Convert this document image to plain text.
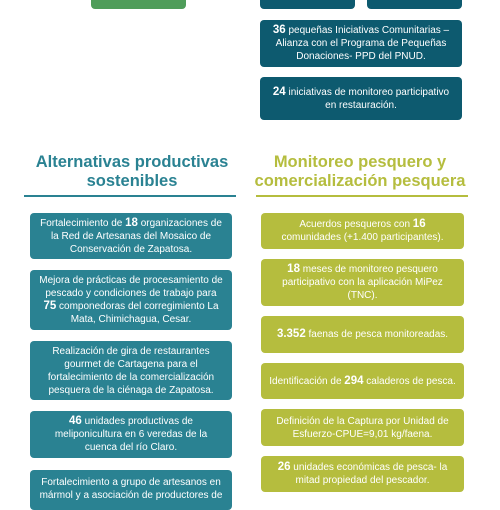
36 pequeñas Iniciativas Comunitarias – Alianza con el Programa de Pequeñas Donaciones- PPD del PNUD.

24 iniciativas de monitoreo participativo en restauración.

Alternativas productivas sostenibles
Monitoreo pesquero y comercialización pesquera

Fortalecimiento de 18 organizaciones de la Red de Artesanas del Mosaico de Conservación de Zapatosa.

Mejora de prácticas de procesamiento de pescado y condiciones de trabajo para 75 componedoras del corregimiento La Mata, Chimichagua, Cesar.

Realización de gira de restaurantes gourmet de Cartagena para el fortalecimiento de la comercialización pesquera de la ciénaga de Zapatosa.

46 unidades productivas de meliponicultura en 6 veredas de la cuenca del río Claro.

Fortalecimiento a grupo de artesanos en mármol y a asociación de productores de

Acuerdos pesqueros con 16 comunidades (+1.400 participantes).

18 meses de monitoreo pesquero participativo con la aplicación MiPez (TNC).

3.352 faenas de pesca monitoreadas.

Identificación de 294 caladeros de pesca.

Definición de la Captura por Unidad de Esfuerzo-CPUE=9,01 kg/faena.

26 unidades económicas de pesca- la mitad propiedad del pescador.
